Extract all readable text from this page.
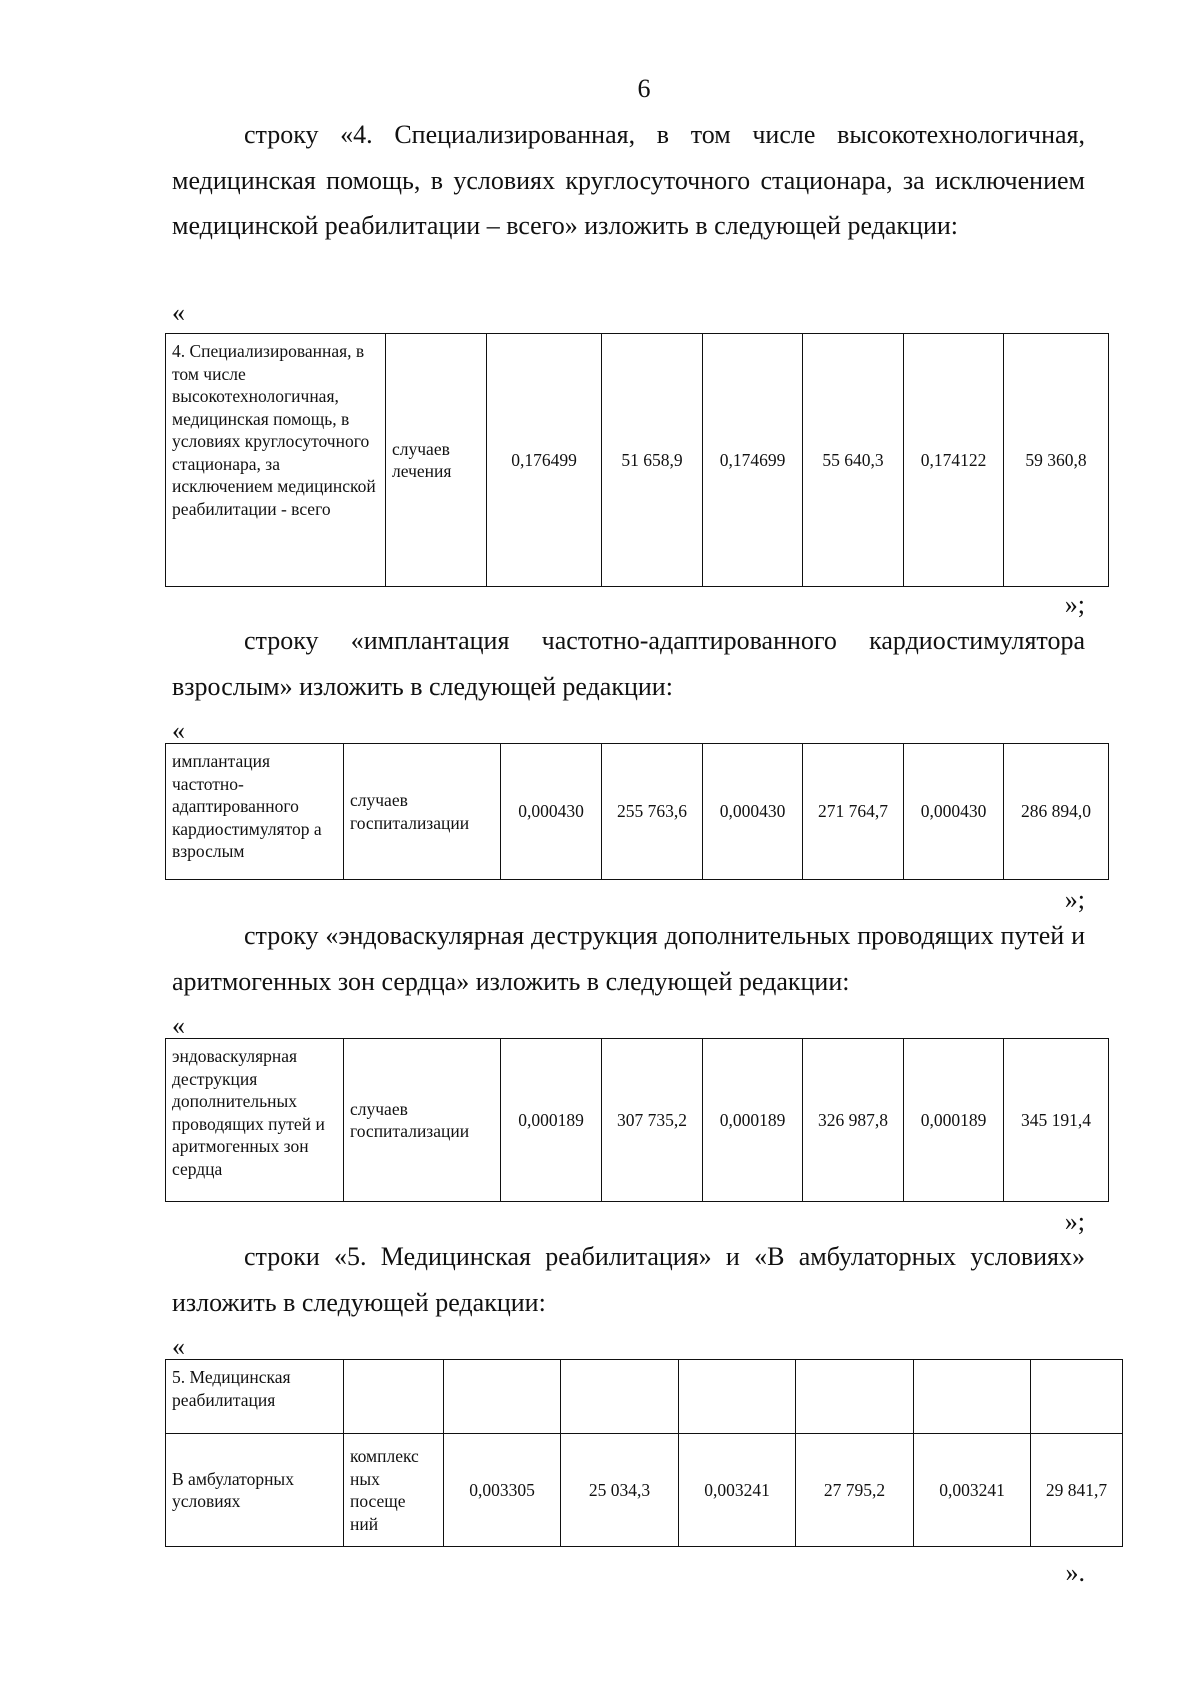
6

строку «4. Специализированная, в том числе высокотехнологичная, медицинская помощь, в условиях круглосуточного стационара, за исключением медицинской реабилитации – всего» изложить в следующей редакции:

«
4. Специализированная, в том числе высокотехнологичная, медицинская помощь, в условиях круглосуточного стационара, за исключением медицинской реабилитации - всего	случаев лечения	0,176499	51 658,9	0,174699	55 640,3	0,174122	59 360,8
»;

строку «имплантация частотно-адаптированного кардиостимулятора взрослым» изложить в следующей редакции:

«
имплантация частотно-адаптированного кардиостимулятор а взрослым	случаев госпитализации	0,000430	255 763,6	0,000430	271 764,7	0,000430	286 894,0
»;

строку «эндоваскулярная деструкция дополнительных проводящих путей и аритмогенных зон сердца» изложить в следующей редакции:

«
эндоваскулярная деструкция дополнительных проводящих путей и аритмогенных зон сердца	случаев госпитализации	0,000189	307 735,2	0,000189	326 987,8	0,000189	345 191,4
»;

строки «5. Медицинская реабилитация» и «В амбулаторных условиях» изложить в следующей редакции:

«
5. Медицинская реабилитация							
В амбулаторных условиях	комплекс ных посеще ний	0,003305	25 034,3	0,003241	27 795,2	0,003241	29 841,7
».
